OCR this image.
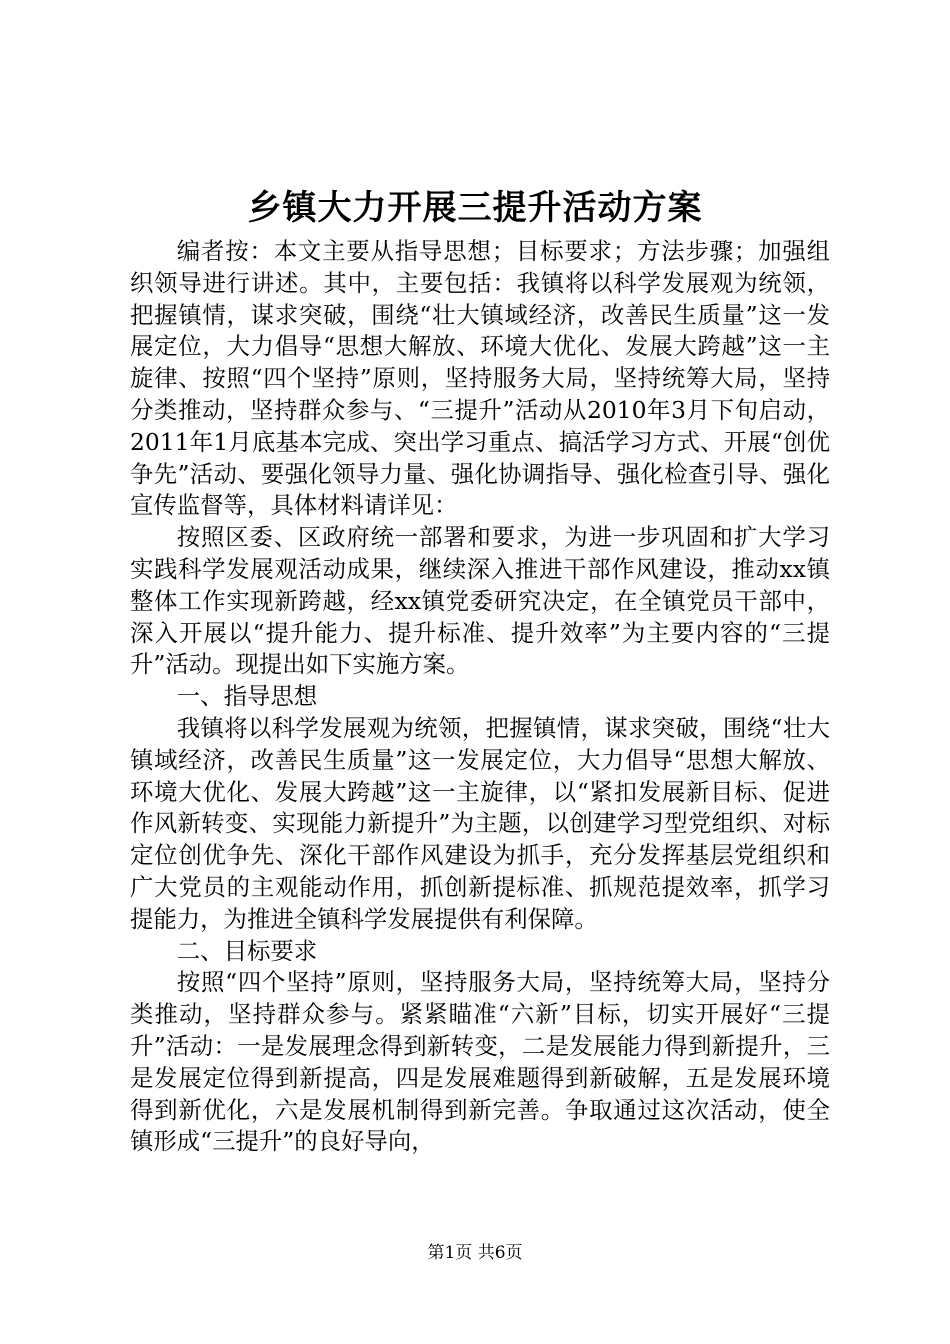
乡镇大力开展三提升活动方案

编者按：本文主要从指导思想；目标要求；方法步骤；加强组织领导进行讲述。其中，主要包括：我镇将以科学发展观为统领，把握镇情，谋求突破，围绕“壮大镇域经济，改善民生质量”这一发展定位，大力倡导“思想大解放、环境大优化、发展大跨越”这一主旋律、按照“四个坚持”原则，坚持服务大局，坚持统筹大局，坚持分类推动，坚持群众参与、“三提升”活动从2010年3月下旬启动，2011年1月底基本完成、突出学习重点、搞活学习方式、开展“创优争先”活动、要强化领导力量、强化协调指导、强化检查引导、强化宣传监督等，具体材料请详见：

按照区委、区政府统一部署和要求，为进一步巩固和扩大学习实践科学发展观活动成果，继续深入推进干部作风建设，推动xx镇整体工作实现新跨越，经xx镇党委研究决定，在全镇党员干部中，深入开展以“提升能力、提升标准、提升效率”为主要内容的“三提升”活动。现提出如下实施方案。

一、指导思想

我镇将以科学发展观为统领，把握镇情，谋求突破，围绕“壮大镇域经济，改善民生质量”这一发展定位，大力倡导“思想大解放、环境大优化、发展大跨越”这一主旋律，以“紧扣发展新目标、促进作风新转变、实现能力新提升”为主题，以创建学习型党组织、对标定位创优争先、深化干部作风建设为抓手，充分发挥基层党组织和广大党员的主观能动作用，抓创新提标准、抓规范提效率，抓学习提能力，为推进全镇科学发展提供有利保障。

二、目标要求

按照“四个坚持”原则，坚持服务大局，坚持统筹大局，坚持分类推动，坚持群众参与。紧紧瞄准“六新”目标，切实开展好“三提升”活动：一是发展理念得到新转变，二是发展能力得到新提升，三是发展定位得到新提高，四是发展难题得到新破解，五是发展环境得到新优化，六是发展机制得到新完善。争取通过这次活动，使全镇形成“三提升”的良好导向，

第1页 共6页
